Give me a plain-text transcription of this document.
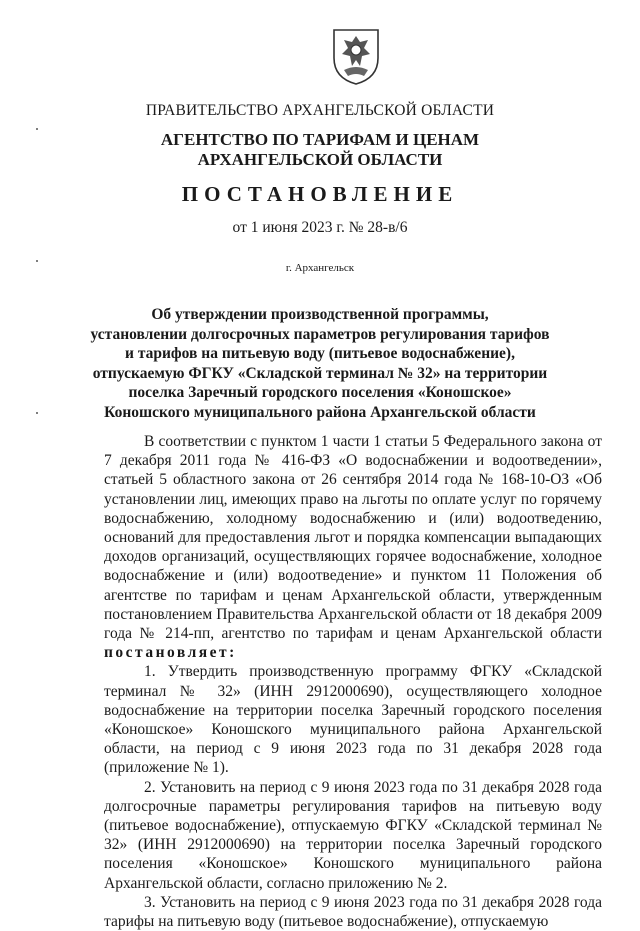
ПРАВИТЕЛЬСТВО АРХАНГЕЛЬСКОЙ ОБЛАСТИ
АГЕНТСТВО ПО ТАРИФАМ И ЦЕНАМ
АРХАНГЕЛЬСКОЙ ОБЛАСТИ
ПОСТАНОВЛЕНИЕ
от 1 июня 2023 г. № 28-в/6
г. Архангельск
Об утверждении производственной программы,
установлении долгосрочных параметров регулирования тарифов
и тарифов на питьевую воду (питьевое водоснабжение),
отпускаемую ФГКУ «Складской терминал № 32» на территории
поселка Заречный городского поселения «Коношское»
Коношского муниципального района Архангельской области

В соответствии с пунктом 1 части 1 статьи 5 Федерального закона от 7 декабря 2011 года № 416-ФЗ «О водоснабжении и водоотведении», статьей 5 областного закона от 26 сентября 2014 года № 168-10-ОЗ «Об установлении лиц, имеющих право на льготы по оплате услуг по горячему водоснабжению, холодному водоснабжению и (или) водоотведению, оснований для предоставления льгот и порядка компенсации выпадающих доходов организаций, осуществляющих горячее водоснабжение, холодное водоснабжение и (или) водоотведение» и пунктом 11 Положения об агентстве по тарифам и ценам Архангельской области, утвержденным постановлением Правительства Архангельской области от 18 декабря 2009 года № 214-пп, агентство по тарифам и ценам Архангельской области постановляет:

1. Утвердить производственную программу ФГКУ «Складской терминал № 32» (ИНН 2912000690), осуществляющего холодное водоснабжение на территории поселка Заречный городского поселения «Коношское» Коношского муниципального района Архангельской области, на период с 9 июня 2023 года по 31 декабря 2028 года (приложение № 1).

2. Установить на период с 9 июня 2023 года по 31 декабря 2028 года долгосрочные параметры регулирования тарифов на питьевую воду (питьевое водоснабжение), отпускаемую ФГКУ «Складской терминал № 32» (ИНН 2912000690) на территории поселка Заречный городского поселения «Коношское» Коношского муниципального района Архангельской области, согласно приложению № 2.

3. Установить на период с 9 июня 2023 года по 31 декабря 2028 года тарифы на питьевую воду (питьевое водоснабжение), отпускаемую
